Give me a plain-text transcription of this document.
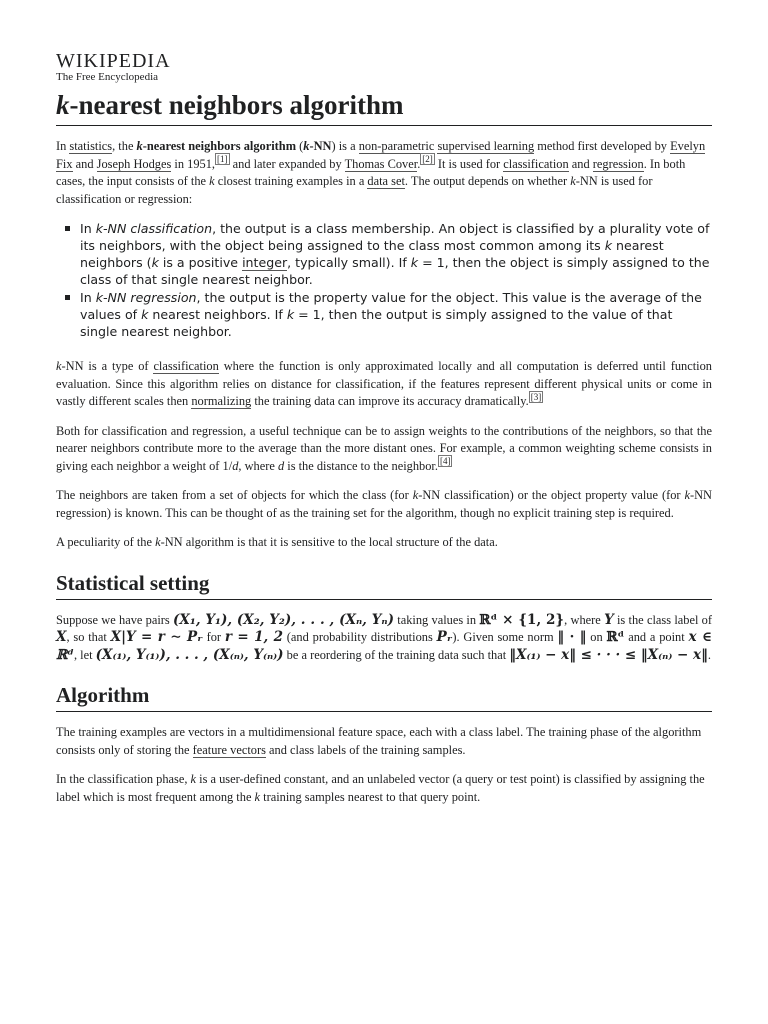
WIKIPEDIA
The Free Encyclopedia
k-nearest neighbors algorithm

In statistics, the k-nearest neighbors algorithm (k-NN) is a non-parametric supervised learning method first developed by Evelyn Fix and Joseph Hodges in 1951, [1] and later expanded by Thomas Cover. [2] It is used for classification and regression. In both cases, the input consists of the k closest training examples in a data set. The output depends on whether k-NN is used for classification or regression:

In k-NN classification, the output is a class membership. An object is classified by a plurality vote of its neighbors, with the object being assigned to the class most common among its k nearest neighbors (k is a positive integer, typically small). If k = 1, then the object is simply assigned to the class of that single nearest neighbor.
In k-NN regression, the output is the property value for the object. This value is the average of the values of k nearest neighbors. If k = 1, then the output is simply assigned to the value of that single nearest neighbor.

k-NN is a type of classification where the function is only approximated locally and all computation is deferred until function evaluation. Since this algorithm relies on distance for classification, if the features represent different physical units or come in vastly different scales then normalizing the training data can improve its accuracy dramatically. [3]

Both for classification and regression, a useful technique can be to assign weights to the contributions of the neighbors, so that the nearer neighbors contribute more to the average than the more distant ones. For example, a common weighting scheme consists in giving each neighbor a weight of 1/d, where d is the distance to the neighbor. [4]

The neighbors are taken from a set of objects for which the class (for k-NN classification) or the object property value (for k-NN regression) is known. This can be thought of as the training set for the algorithm, though no explicit training step is required.

A peculiarity of the k-NN algorithm is that it is sensitive to the local structure of the data.

Statistical setting

Suppose we have pairs (X₁, Y₁), (X₂, Y₂), . . . , (Xₙ, Yₙ) taking values in ℝᵈ × {1, 2}, where Y is the class label of X, so that X|Y = r ∼ Pᵣ for r = 1, 2 (and probability distributions Pᵣ). Given some norm ‖ · ‖ on ℝᵈ and a point x ∈ ℝᵈ, let (X₍₁₎, Y₍₁₎), . . . , (X₍ₙ₎, Y₍ₙ₎) be a reordering of the training data such that ‖X₍₁₎ − x‖ ≤ · · · ≤ ‖X₍ₙ₎ − x‖.

Algorithm

The training examples are vectors in a multidimensional feature space, each with a class label. The training phase of the algorithm consists only of storing the feature vectors and class labels of the training samples.

In the classification phase, k is a user-defined constant, and an unlabeled vector (a query or test point) is classified by assigning the label which is most frequent among the k training samples nearest to that query point.
